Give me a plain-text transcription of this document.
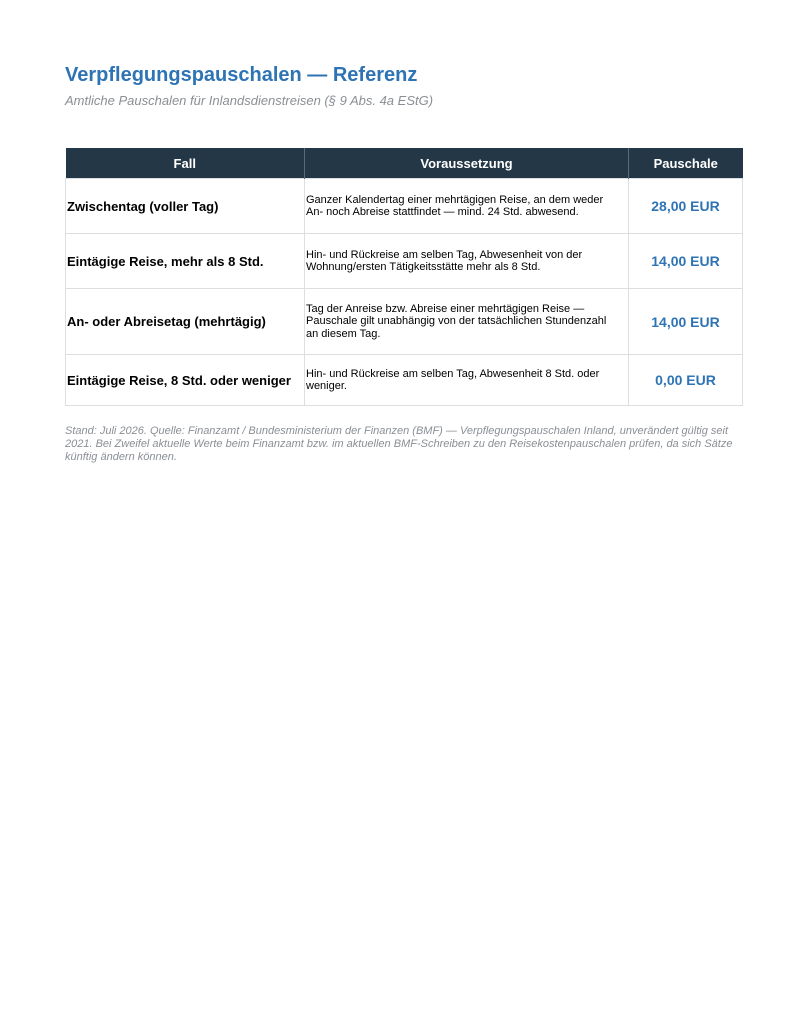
Verpflegungspauschalen — Referenz

Amtliche Pauschalen für Inlandsdienstreisen (§ 9 Abs. 4a EStG)

Fall	Voraussetzung	Pauschale
Zwischentag (voller Tag)	Ganzer Kalendertag einer mehrtägigen Reise, an dem weder An- noch Abreise stattfindet — mind. 24 Std. abwesend.	28,00 EUR
Eintägige Reise, mehr als 8 Std.	Hin- und Rückreise am selben Tag, Abwesenheit von der Wohnung/ersten Tätigkeitsstätte mehr als 8 Std.	14,00 EUR
An- oder Abreisetag (mehrtägig)	Tag der Anreise bzw. Abreise einer mehrtägigen Reise — Pauschale gilt unabhängig von der tatsächlichen Stundenzahl an diesem Tag.	14,00 EUR
Eintägige Reise, 8 Std. oder weniger	Hin- und Rückreise am selben Tag, Abwesenheit 8 Std. oder weniger.	0,00 EUR

Stand: Juli 2026. Quelle: Finanzamt / Bundesministerium der Finanzen (BMF) — Verpflegungspauschalen Inland, unverändert gültig seit 2021. Bei Zweifel aktuelle Werte beim Finanzamt bzw. im aktuellen BMF-Schreiben zu den Reisekostenpauschalen prüfen, da sich Sätze künftig ändern können.
